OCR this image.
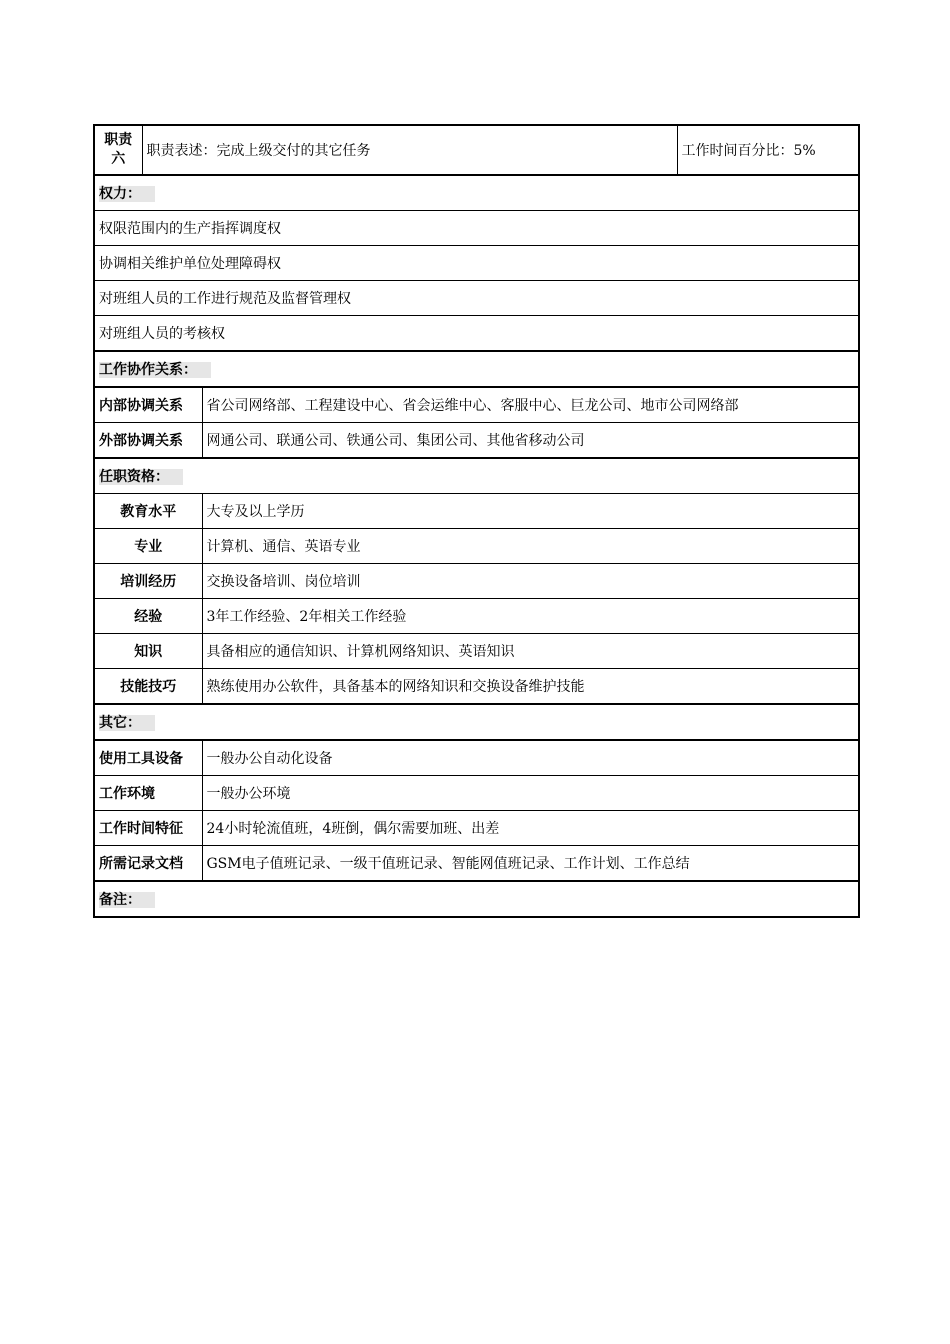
职责
六	职责表述：完成上级交付的其它任务		工作时间百分比：5%
权力：			
权限范围内的生产指挥调度权			
协调相关维护单位处理障碍权			
对班组人员的工作进行规范及监督管理权			
对班组人员的考核权			
工作协作关系：			
内部协调关系		省公司网络部、工程建设中心、省会运维中心、客服中心、巨龙公司、地市公司网络部	
外部协调关系		网通公司、联通公司、铁通公司、集团公司、其他省移动公司	
任职资格：			
教育水平		大专及以上学历	
专业		计算机、通信、英语专业	
培训经历		交换设备培训、岗位培训	
经验		3年工作经验、2年相关工作经验	
知识		具备相应的通信知识、计算机网络知识、英语知识	
技能技巧		熟练使用办公软件，具备基本的网络知识和交换设备维护技能	
其它：			
使用工具设备		一般办公自动化设备	
工作环境		一般办公环境	
工作时间特征		24小时轮流值班，4班倒，偶尔需要加班、出差	
所需记录文档		GSM电子值班记录、一级干值班记录、智能网值班记录、工作计划、工作总结	
备注：			
